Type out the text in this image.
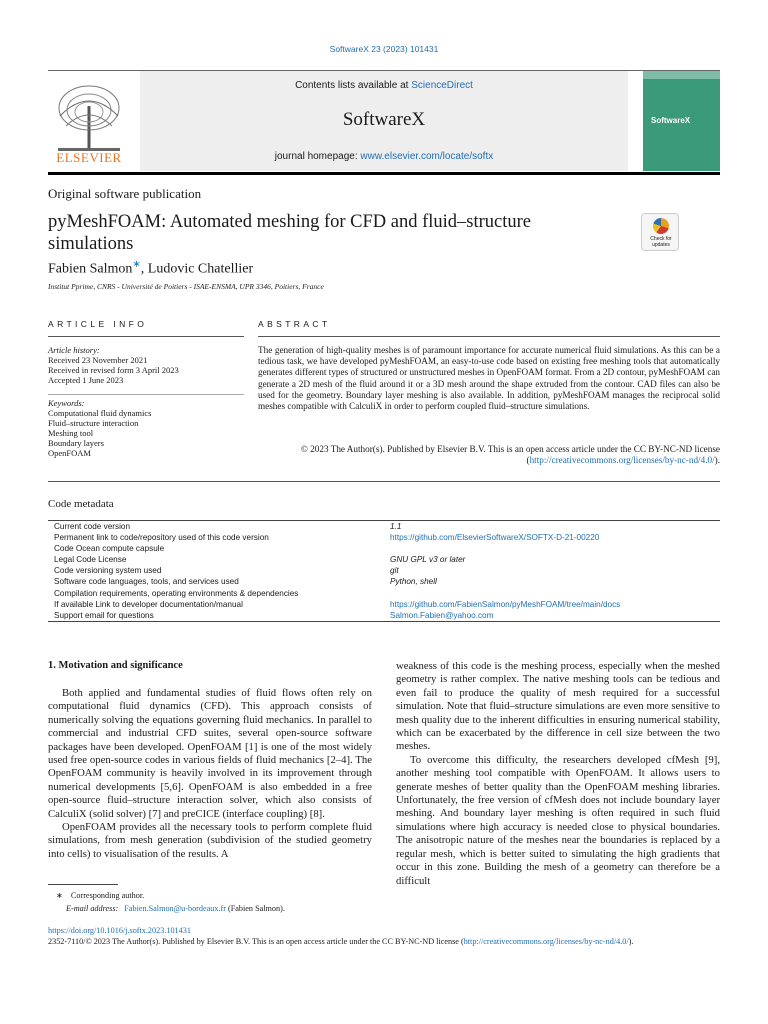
SoftwareX 23 (2023) 101431
ELSEVIER
Contents lists available at ScienceDirect
SoftwareX
journal homepage: www.elsevier.com/locate/softx
SoftwareX
Original software publication
pyMeshFOAM: Automated meshing for CFD and fluid–structure simulations
Fabien Salmon∗, Ludovic Chatellier
Institut Pprime, CNRS - Université de Poitiers - ISAE-ENSMA, UPR 3346, Poitiers, France
Check for updates
ARTICLE INFO
Article history:
Received 23 November 2021
Received in revised form 3 April 2023
Accepted 1 June 2023
Keywords:
Computational fluid dynamics
Fluid–structure interaction
Meshing tool
Boundary layers
OpenFOAM
ABSTRACT
The generation of high-quality meshes is of paramount importance for accurate numerical fluid simulations. As this can be a tedious task, we have developed pyMeshFOAM, an easy-to-use code based on existing free meshing tools that automatically generates different types of structured or unstructured meshes in OpenFOAM format. From a 2D contour, pyMeshFOAM can generate a 2D mesh of the fluid around it or a 3D mesh around the shape extruded from the contour. CAD files can also be used for the geometry. Boundary layer meshing is also available. In addition, pyMeshFOAM manages the reciprocal solid meshes compatible with CalculiX in order to perform coupled fluid–structure simulations.
© 2023 The Author(s). Published by Elsevier B.V. This is an open access article under the CC BY-NC-ND license (http://creativecommons.org/licenses/by-nc-nd/4.0/).
Code metadata
Current code version	1.1
Permanent link to code/repository used of this code version	https://github.com/ElsevierSoftwareX/SOFTX-D-21-00220
Code Ocean compute capsule
Legal Code License	GNU GPL v3 or later
Code versioning system used	git
Software code languages, tools, and services used	Python, shell
Compilation requirements, operating environments & dependencies
If available Link to developer documentation/manual	https://github.com/FabienSalmon/pyMeshFOAM/tree/main/docs
Support email for questions	Salmon.Fabien@yahoo.com
1. Motivation and significance

Both applied and fundamental studies of fluid flows often rely on computational fluid dynamics (CFD). This approach consists of numerically solving the equations governing fluid mechanics. In parallel to commercial and industrial CFD suites, several open-source software packages have been developed. OpenFOAM [1] is one of the most widely used free open-source codes in various fields of fluid mechanics [2–4]. The OpenFOAM community is heavily involved in its improvement through numerical developments [5,6]. OpenFOAM is also embedded in a free open-source fluid–structure interaction solver, which also consists of CalculiX (solid solver) [7] and preCICE (interface coupling) [8].

OpenFOAM provides all the necessary tools to perform complete fluid simulations, from mesh generation (subdivision of the studied geometry into cells) to visualisation of the results. A

weakness of this code is the meshing process, especially when the meshed geometry is rather complex. The native meshing tools can be tedious and even fail to produce the quality of mesh required for a successful simulation. Note that fluid–structure simulations are even more sensitive to mesh quality due to the inherent difficulties in ensuring numerical stability, which can be exacerbated by the difference in cell size between the two meshes.

To overcome this difficulty, the researchers developed cfMesh [9], another meshing tool compatible with OpenFOAM. It allows users to generate meshes of better quality than the OpenFOAM meshing libraries. Unfortunately, the free version of cfMesh does not include boundary layer meshing. And boundary layer meshing is often required in such fluid simulations where high accuracy is needed close to physical boundaries. The anisotropic nature of the meshes near the boundaries is replaced by a regular mesh, which is better suited to simulating the high gradients that occur in this zone. Building the mesh of a geometry can therefore be a difficult

∗ Corresponding author.
E-mail address: Fabien.Salmon@u-bordeaux.fr (Fabien Salmon).
https://doi.org/10.1016/j.softx.2023.101431
2352-7110/© 2023 The Author(s). Published by Elsevier B.V. This is an open access article under the CC BY-NC-ND license (http://creativecommons.org/licenses/by-nc-nd/4.0/).
